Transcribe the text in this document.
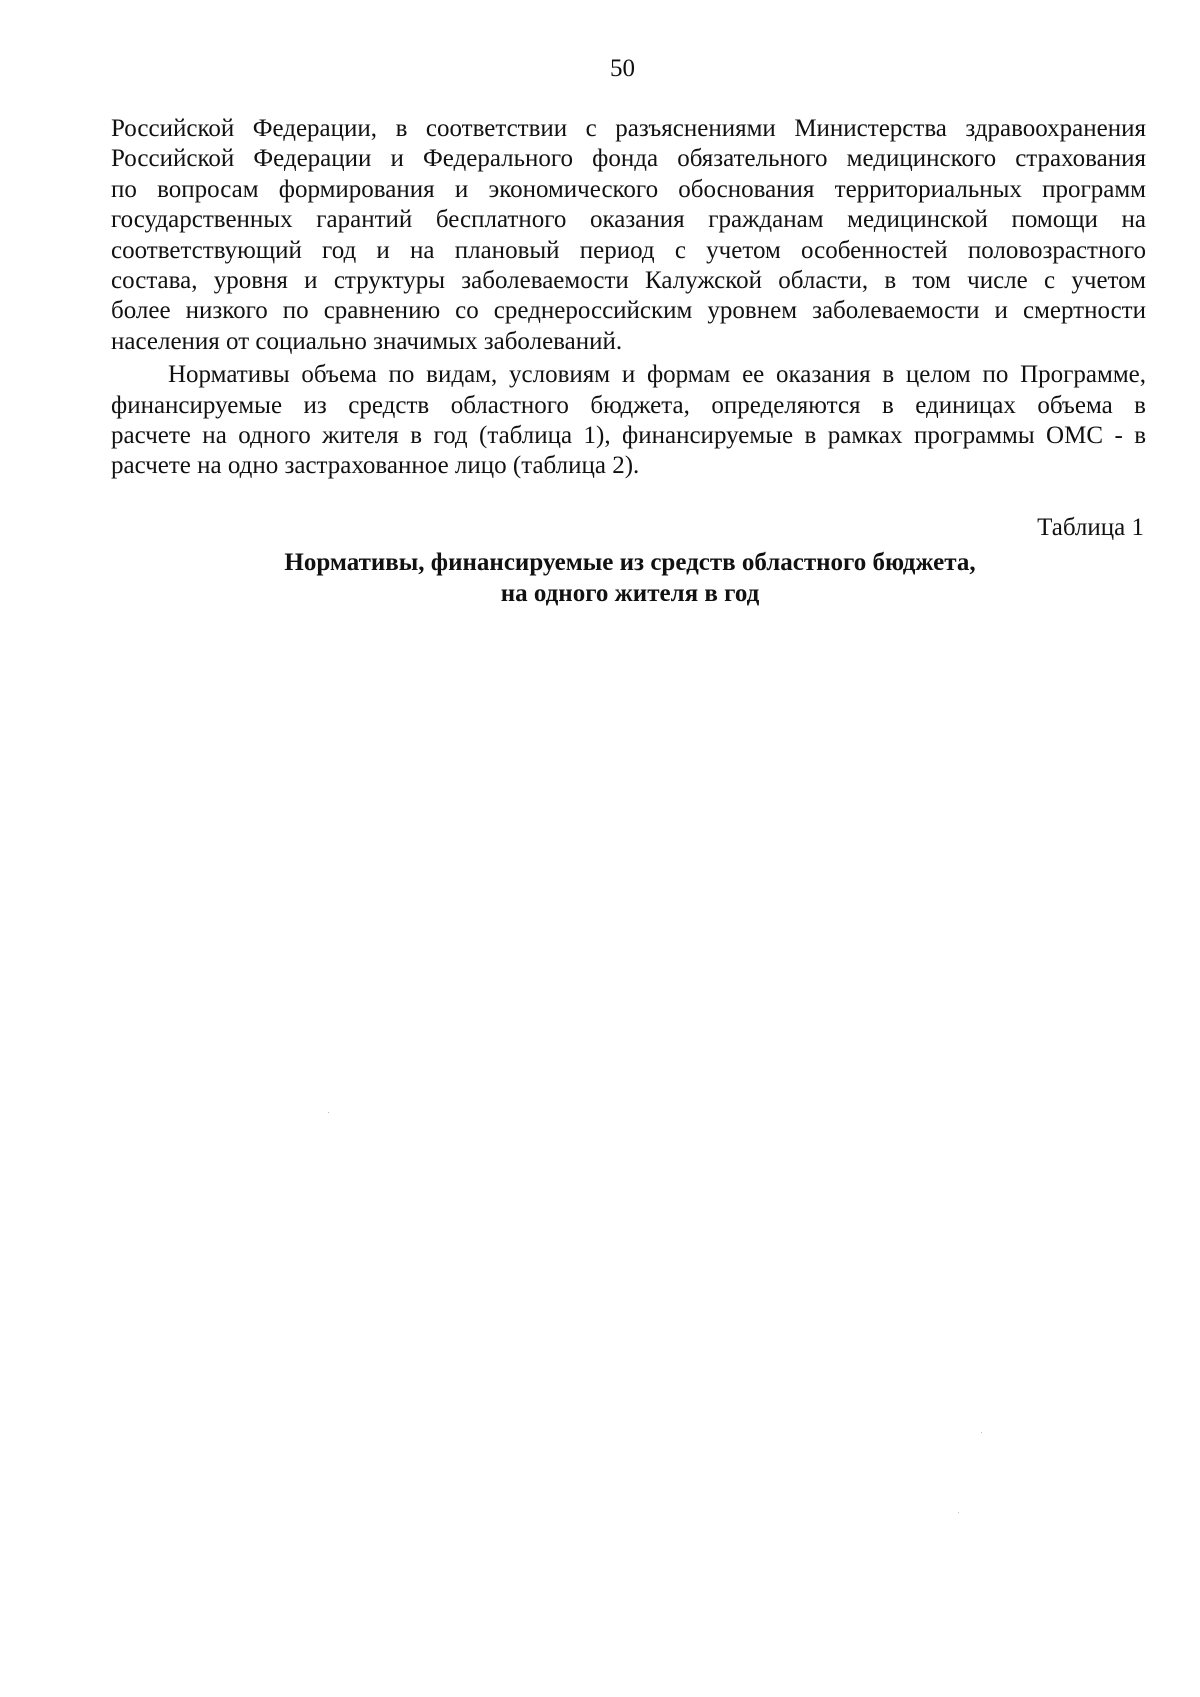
50

Российской Федерации, в соответствии с разъяснениями Министерства здравоохранения
Российской Федерации и Федерального фонда обязательного медицинского страхования
по вопросам формирования и экономического обоснования территориальных программ
государственных гарантий бесплатного оказания гражданам медицинской помощи на
соответствующий год и на плановый период с учетом особенностей половозрастного
состава, уровня и структуры заболеваемости Калужской области, в том числе с учетом
более низкого по сравнению со среднероссийским уровнем заболеваемости и смертности
населения от социально значимых заболеваний.

Нормативы объема по видам, условиям и формам ее оказания в целом по Программе,
финансируемые из средств областного бюджета, определяются в единицах объема в
расчете на одного жителя в год (таблица 1), финансируемые в рамках программы ОМС - в
расчете на одно застрахованное лицо (таблица 2).

Таблица 1
Нормативы, финансируемые из средств областного бюджета,
на одного жителя в год
